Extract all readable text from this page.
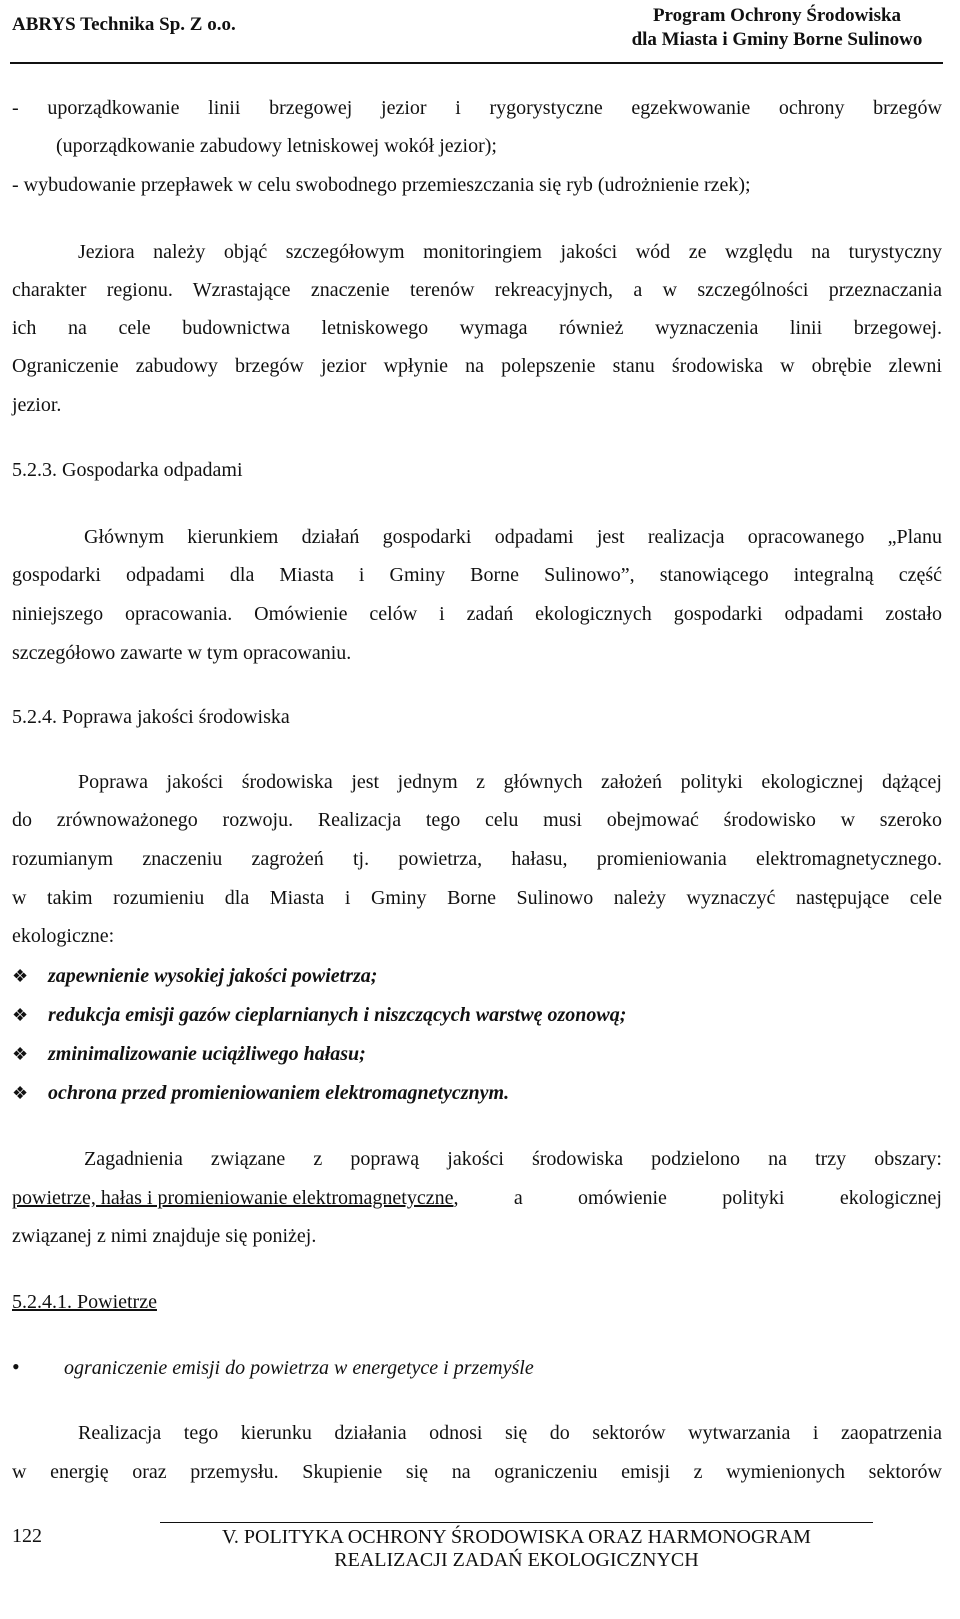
ABRYS Technika Sp. Z o.o.	Program Ochrony Środowiska
dla Miasta i Gminy Borne Sulinowo
- uporządkowanie linii brzegowej jezior i rygorystyczne egzekwowanie ochrony brzegów
(uporządkowanie zabudowy letniskowej wokół jezior);
- wybudowanie przepławek w celu swobodnego przemieszczania się ryb (udrożnienie rzek);
Jeziora należy objąć szczegółowym monitoringiem jakości wód ze względu na turystyczny
charakter regionu. Wzrastające znaczenie terenów rekreacyjnych, a w szczególności przeznaczania
ich na cele budownictwa letniskowego wymaga również wyznaczenia linii brzegowej.
Ograniczenie zabudowy brzegów jezior wpłynie na polepszenie stanu środowiska w obrębie zlewni
jezior.
5.2.3. Gospodarka odpadami
Głównym kierunkiem działań gospodarki odpadami jest realizacja opracowanego „Planu
gospodarki odpadami dla Miasta i Gminy Borne Sulinowo”, stanowiącego integralną część
niniejszego opracowania. Omówienie celów i zadań ekologicznych gospodarki odpadami zostało
szczegółowo zawarte w tym opracowaniu.
5.2.4. Poprawa jakości środowiska
Poprawa jakości środowiska jest jednym z głównych założeń polityki ekologicznej dążącej
do zrównoważonego rozwoju. Realizacja tego celu musi obejmować środowisko w szeroko
rozumianym znaczeniu zagrożeń tj. powietrza, hałasu, promieniowania elektromagnetycznego.
w takim rozumieniu dla Miasta i Gminy Borne Sulinowo należy wyznaczyć następujące cele
ekologiczne:
❖ zapewnienie wysokiej jakości powietrza;
❖ redukcja emisji gazów cieplarnianych i niszczących warstwę ozonową;
❖ zminimalizowanie uciążliwego hałasu;
❖ ochrona przed promieniowaniem elektromagnetycznym.
Zagadnienia związane z poprawą jakości środowiska podzielono na trzy obszary:
powietrze, hałas i promieniowanie elektromagnetyczne , a omówienie polityki ekologicznej
związanej z nimi znajduje się poniżej.
5.2.4.1. Powietrze
• ograniczenie emisji do powietrza w energetyce i przemyśle
Realizacja tego kierunku działania odnosi się do sektorów wytwarzania i zaopatrzenia
w energię oraz przemysłu. Skupienie się na ograniczeniu emisji z wymienionych sektorów
122	V. POLITYKA OCHRONY ŚRODOWISKA ORAZ HARMONOGRAM
REALIZACJI ZADAŃ EKOLOGICZNYCH
